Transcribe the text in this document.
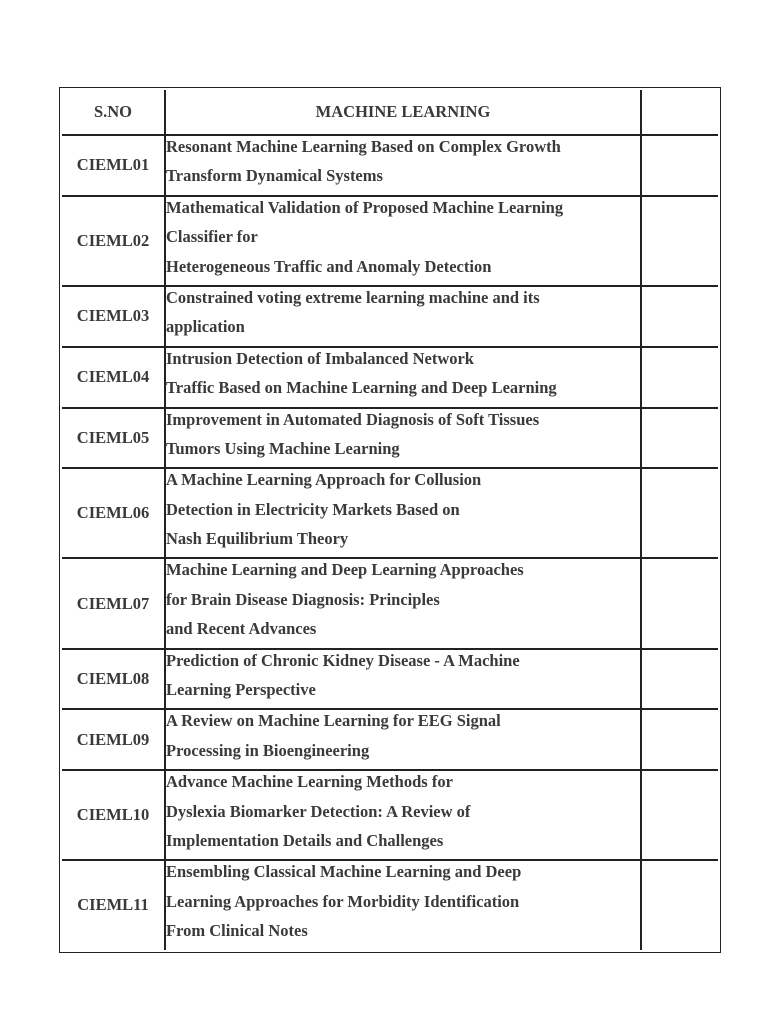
S.NO	MACHINE LEARNING	
CIEML01	Resonant Machine Learning Based on Complex Growth
Transform Dynamical Systems	

CIEML02	Mathematical Validation of Proposed Machine Learning
Classifier for
Heterogeneous Traffic and Anomaly Detection	

CIEML03	Constrained voting extreme learning machine and its
application	

CIEML04	Intrusion Detection of Imbalanced Network
Traffic Based on Machine Learning and Deep Learning	

CIEML05	Improvement in Automated Diagnosis of Soft Tissues
Tumors Using Machine Learning	

CIEML06	A Machine Learning Approach for Collusion
Detection in Electricity Markets Based on
Nash Equilibrium Theory	

CIEML07	Machine Learning and Deep Learning Approaches
for Brain Disease Diagnosis: Principles
and Recent Advances	

CIEML08	Prediction of Chronic Kidney Disease - A Machine
Learning Perspective	

CIEML09	A Review on Machine Learning for EEG Signal
Processing in Bioengineering	

CIEML10	Advance Machine Learning Methods for
Dyslexia Biomarker Detection: A Review of
Implementation Details and Challenges	

CIEML11	Ensembling Classical Machine Learning and Deep
Learning Approaches for Morbidity Identification
From Clinical Notes	
